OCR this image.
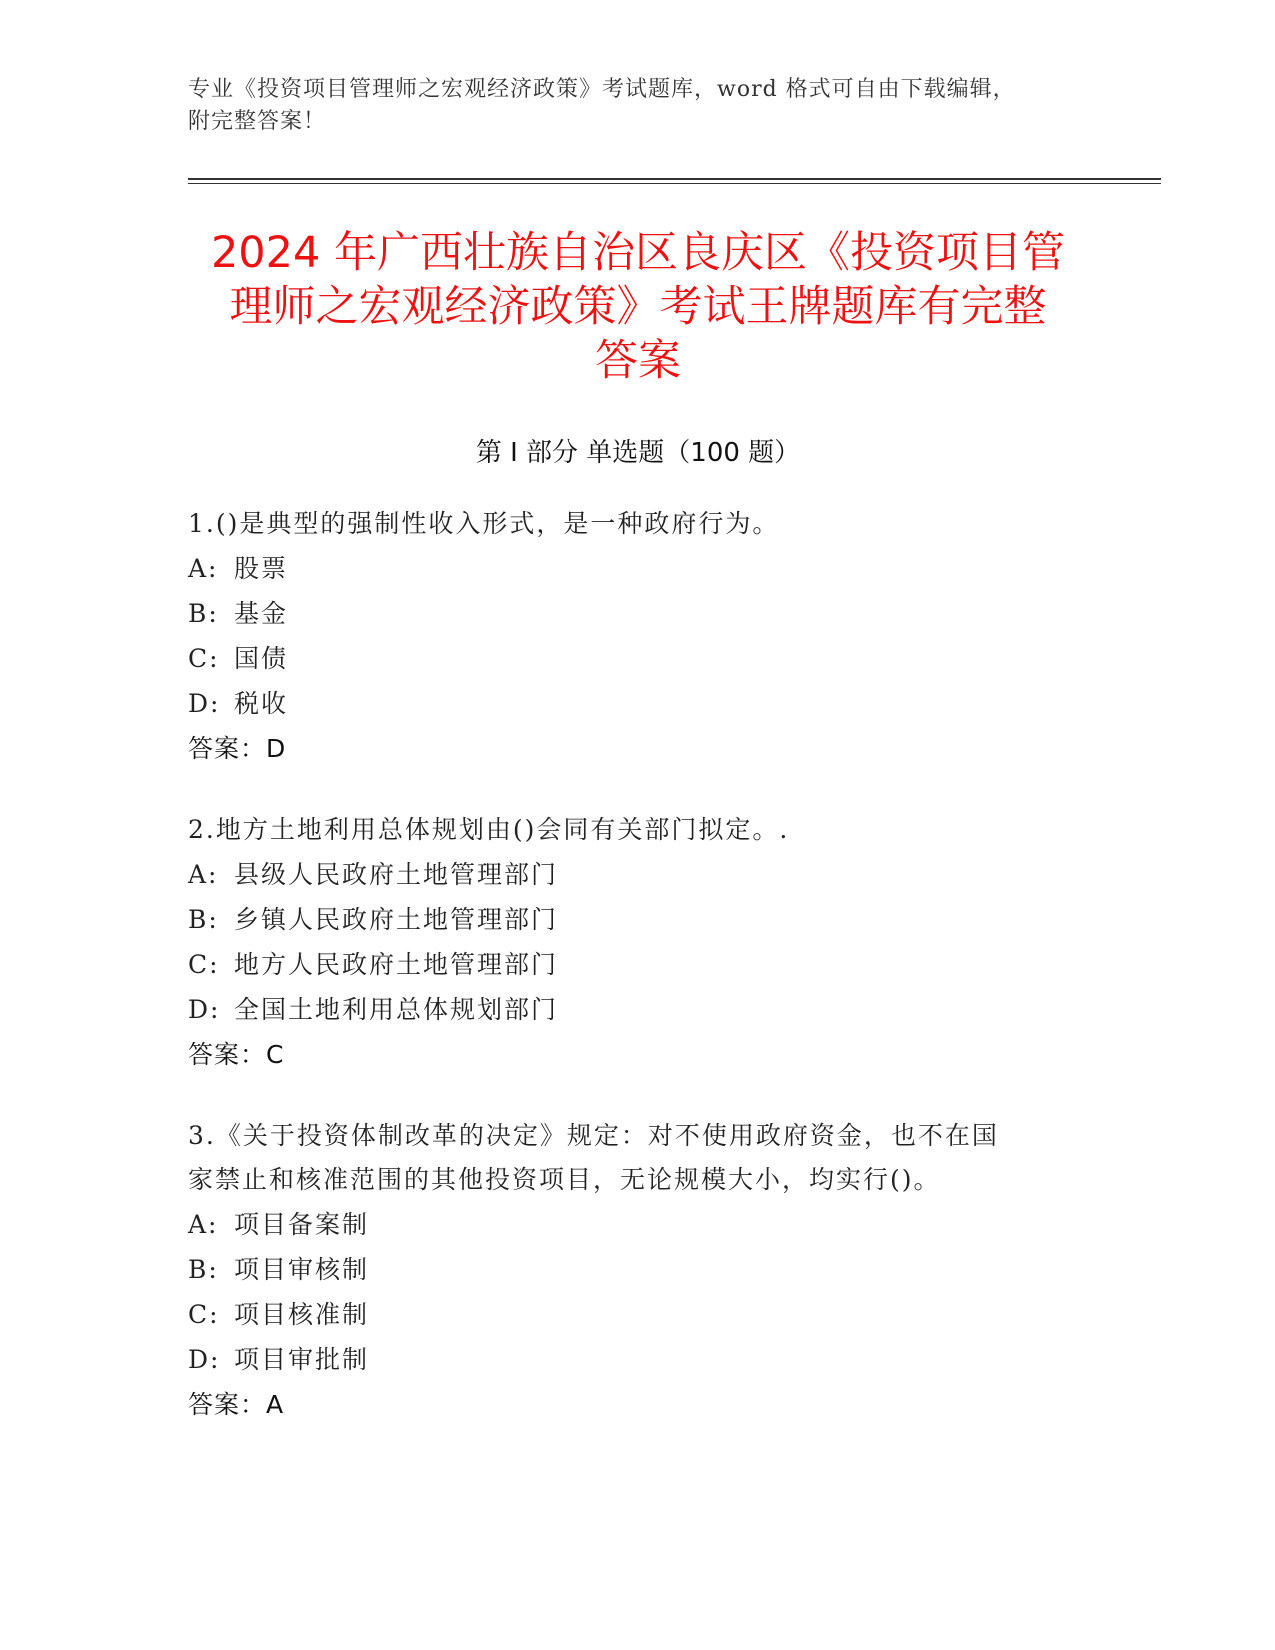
专业《投资项目管理师之宏观经济政策》考试题库，word 格式可自由下载编辑，
附完整答案！
2024 年广西壮族自治区良庆区《投资项目管
理师之宏观经济政策》考试王牌题库有完整
答案
第 I 部分 单选题（100 题）
1.()是典型的强制性收入形式，是一种政府行为。
A: 股票
B: 基金
C: 国债
D: 税收
答案：D
2.地方土地利用总体规划由()会同有关部门拟定。.
A: 县级人民政府土地管理部门
B: 乡镇人民政府土地管理部门
C: 地方人民政府土地管理部门
D: 全国土地利用总体规划部门
答案：C
3.《关于投资体制改革的决定》规定：对不使用政府资金，也不在国
家禁止和核准范围的其他投资项目，无论规模大小，均实行()。
A: 项目备案制
B: 项目审核制
C: 项目核准制
D: 项目审批制
答案：A
